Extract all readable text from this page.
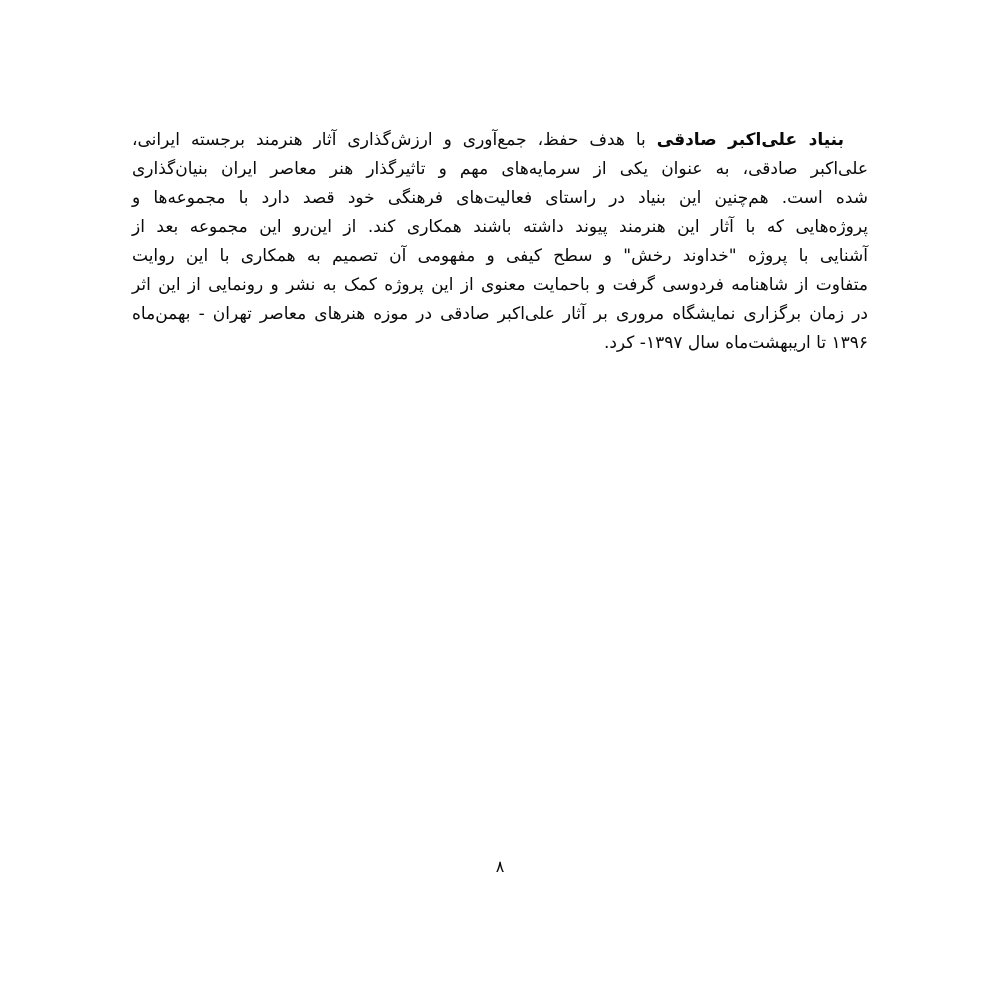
بنیاد علی‌اکبر صادقی با هدف حفظ، جمع‌آوری و ارزش‌گذاری آثار هنرمند برجسته ایرانی،

علی‌اکبر صادقی، به عنوان یکی از سرمایه‌های مهم و تاثیرگذار هنر معاصر ایران بنیان‌گذاری

شده است. هم‌چنین این بنیاد در راستای فعالیت‌های فرهنگی خود قصد دارد با مجموعه‌ها و

پروژه‌هایی که با آثار این هنرمند پیوند داشته باشند همکاری کند. از این‌رو این مجموعه بعد از

آشنایی با پروژه "خداوند رخش" و سطح کیفی و مفهومی آن تصمیم به همکاری با این روایت

متفاوت از شاهنامه فردوسی گرفت و باحمایت معنوی از این پروژه کمک به نشر و رونمایی از این اثر

در زمان برگزاری نمایشگاه مروری بر آثار علی‌اکبر صادقی در موزه هنرهای معاصر تهران - بهمن‌ماه

۱۳۹۶ تا اریبهشت‌ماه سال ۱۳۹۷- کرد.

۸
